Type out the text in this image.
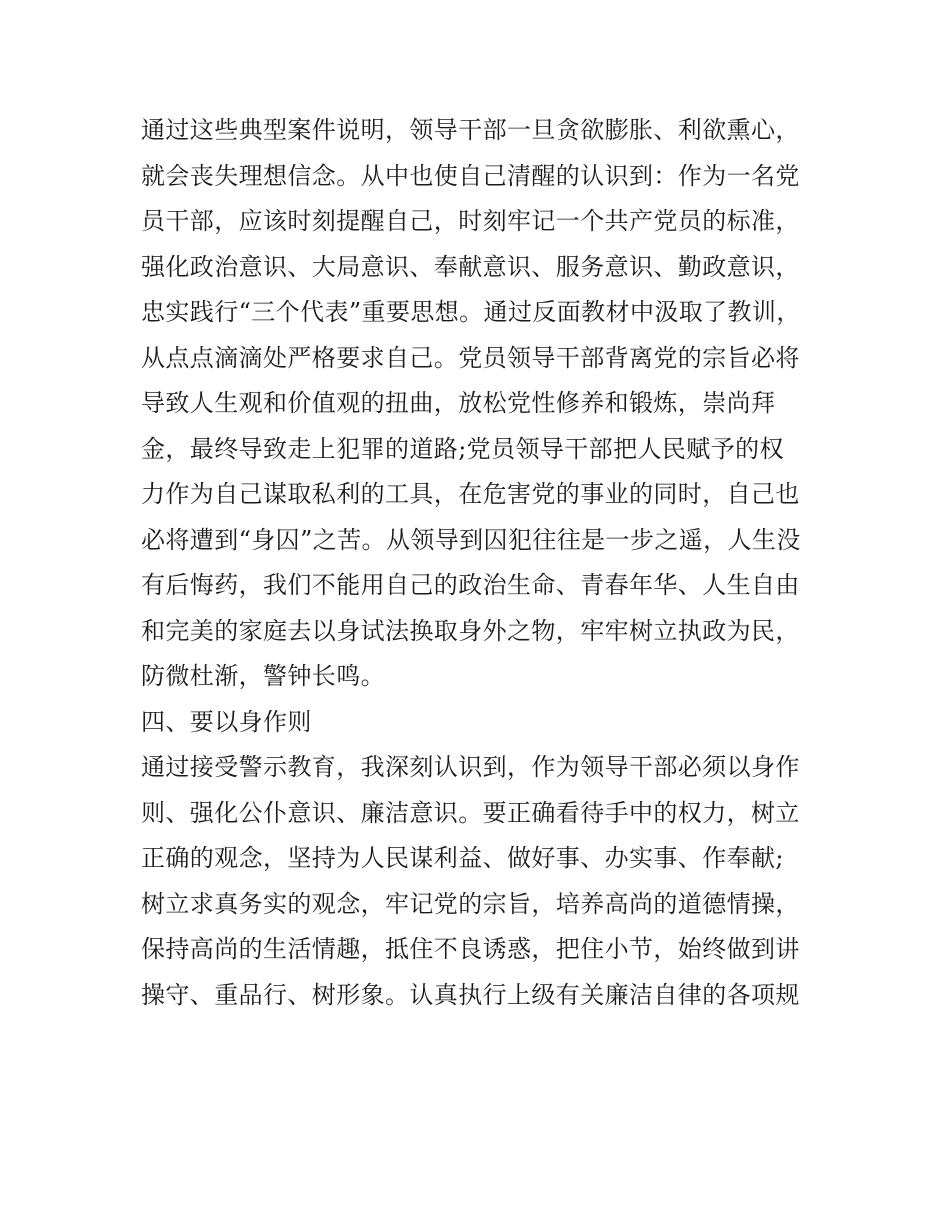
通过这些典型案件说明，领导干部一旦贪欲膨胀、利欲熏心，
就会丧失理想信念。从中也使自己清醒的认识到：作为一名党
员干部，应该时刻提醒自己，时刻牢记一个共产党员的标准，
强化政治意识、大局意识、奉献意识、服务意识、勤政意识，
忠实践行“三个代表”重要思想。通过反面教材中汲取了教训，
从点点滴滴处严格要求自己。党员领导干部背离党的宗旨必将
导致人生观和价值观的扭曲，放松党性修养和锻炼，崇尚拜
金，最终导致走上犯罪的道路;党员领导干部把人民赋予的权
力作为自己谋取私利的工具，在危害党的事业的同时，自己也
必将遭到“身囚”之苦。从领导到囚犯往往是一步之遥，人生没
有后悔药，我们不能用自己的政治生命、青春年华、人生自由
和完美的家庭去以身试法换取身外之物，牢牢树立执政为民，
防微杜渐，警钟长鸣。
四、要以身作则
通过接受警示教育，我深刻认识到，作为领导干部必须以身作
则、强化公仆意识、廉洁意识。要正确看待手中的权力，树立
正确的观念，坚持为人民谋利益、做好事、办实事、作奉献;
树立求真务实的观念，牢记党的宗旨，培养高尚的道德情操，
保持高尚的生活情趣，抵住不良诱惑，把住小节，始终做到讲
操守、重品行、树形象。认真执行上级有关廉洁自律的各项规
